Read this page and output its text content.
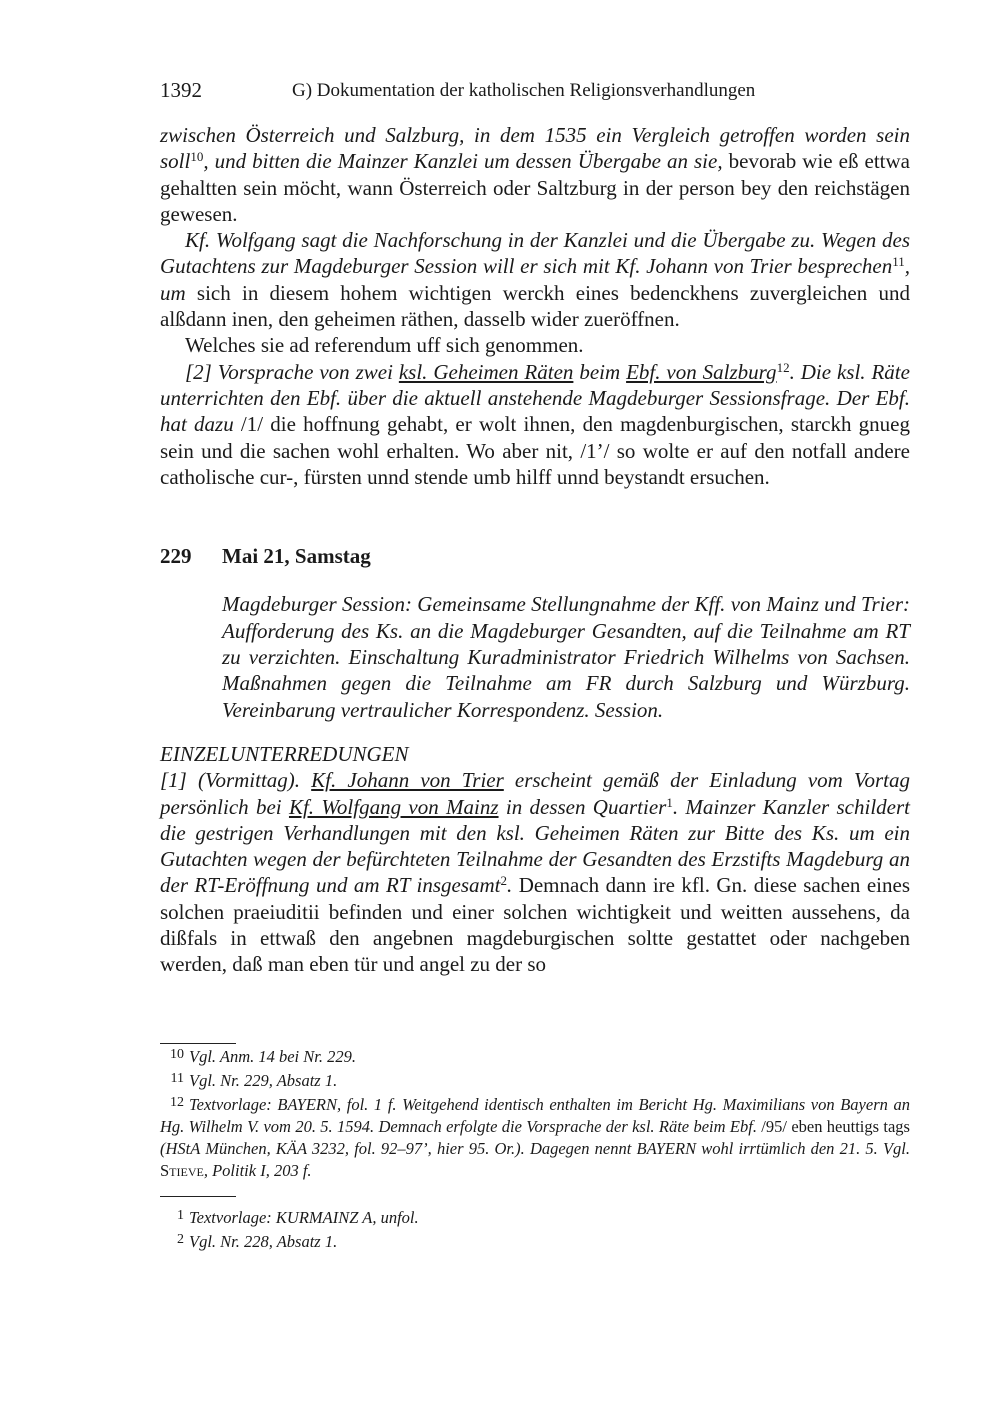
1392	G) Dokumentation der katholischen Religionsverhandlungen

zwischen Österreich und Salzburg, in dem 1535 ein Vergleich getroffen worden sein soll$^{10}$, und bitten die Mainzer Kanzlei um dessen Übergabe an sie, bevorab wie eß ettwa gehaltten sein möcht, wann Österreich oder Saltzburg in der person bey den reichstägen gewesen.

Kf. Wolfgang sagt die Nachforschung in der Kanzlei und die Übergabe zu. Wegen des Gutachtens zur Magdeburger Session will er sich mit Kf. Johann von Trier besprechen$^{11}$, um sich in diesem hohem wichtigen werckh eines bedenckhens zuvergleichen und alßdann inen, den geheimen räthen, dasselb wider zueröffnen.

Welches sie ad referendum uff sich genommen.

[2] Vorsprache von zwei ksl. Geheimen Räten beim Ebf. von Salzburg$^{12}$. Die ksl. Räte unterrichten den Ebf. über die aktuell anstehende Magdeburger Sessionsfrage. Der Ebf. hat dazu /1/ die hoffnung gehabt, er wolt ihnen, den magdenburgischen, starckh gnueg sein und die sachen wohl erhalten. Wo aber nit, /1’/ so wolte er auf den notfall andere catholische cur-, fürsten unnd stende umb hilff unnd beystandt ersuchen.

229 Mai 21, Samstag

Magdeburger Session: Gemeinsame Stellungnahme der Kff. von Mainz und Trier: Aufforderung des Ks. an die Magdeburger Gesandten, auf die Teilnahme am RT zu verzichten. Einschaltung Kuradministrator Friedrich Wilhelms von Sachsen. Maßnahmen gegen die Teilnahme am FR durch Salzburg und Würzburg. Vereinbarung vertraulicher Korrespondenz. Session.

EINZELUNTERREDUNGEN

[1] (Vormittag). Kf. Johann von Trier erscheint gemäß der Einladung vom Vortag persönlich bei Kf. Wolfgang von Mainz in dessen Quartier$^1$. Mainzer Kanzler schildert die gestrigen Verhandlungen mit den ksl. Geheimen Räten zur Bitte des Ks. um ein Gutachten wegen der befürchteten Teilnahme der Gesandten des Erzstifts Magdeburg an der RT-Eröffnung und am RT insgesamt$^2$. Demnach dann ire kfl. Gn. diese sachen eines solchen praeiuditii befinden und einer solchen wichtigkeit und weitten aussehens, da dißfals in ettwaß den angebnen magdeburgischen soltte gestattet oder nachgeben werden, daß man eben tür und angel zu der so

10 Vgl. Anm. 14 bei Nr. 229.

11 Vgl. Nr. 229, Absatz 1.

12 Textvorlage: BAYERN, fol. 1 f. Weitgehend identisch enthalten im Bericht Hg. Maximilians von Bayern an Hg. Wilhelm V. vom 20. 5. 1594. Demnach erfolgte die Vorsprache der ksl. Räte beim Ebf. /95/ eben heuttigs tags (HStA München, KÄA 3232, fol. 92–97’, hier 95. Or.). Dagegen nennt BAYERN wohl irrtümlich den 21. 5. Vgl. Stieve, Politik I, 203 f.

1 Textvorlage: KURMAINZ A, unfol.

2 Vgl. Nr. 228, Absatz 1.
